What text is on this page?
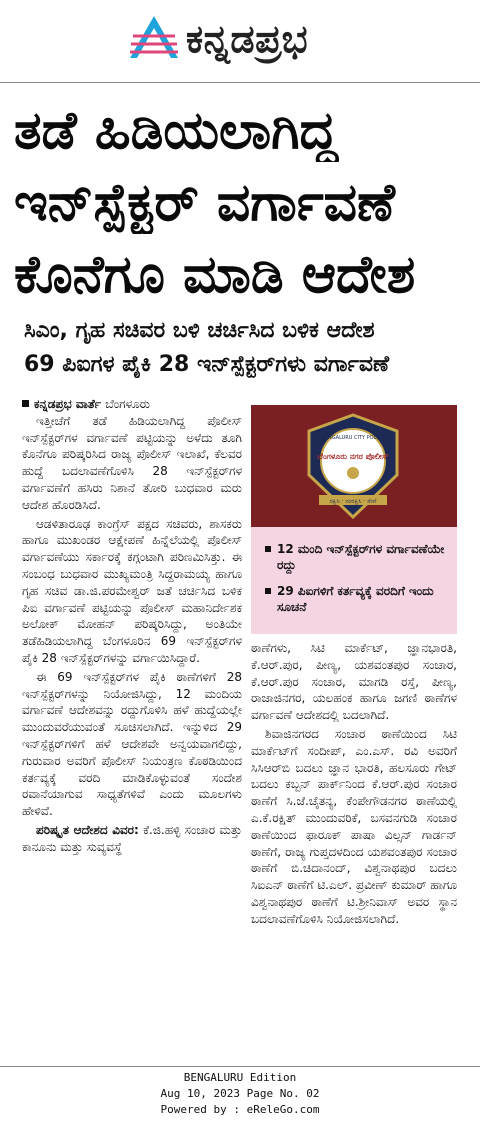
ಕನ್ನಡಪ್ರಭ
ತಡೆ ಹಿಡಿಯಲಾಗಿದ್ದ
ಇನ್‌ಸ್ಪೆಕ್ಟರ್‌ ವರ್ಗಾವಣೆ
ಕೊನೆಗೂ ಮಾಡಿ ಆದೇಶ
ಸಿಎಂ, ಗೃಹ ಸಚಿವರ ಬಳಿ ಚರ್ಚಿಸಿದ ಬಳಿಕ ಆದೇಶ
69 ಪಿಐಗಳ ಪೈಕಿ 28 ಇನ್‌ಸ್ಪೆಕ್ಟರ್‌ಗಳು ವರ್ಗಾವಣೆ

ಕನ್ನಡಪ್ರಭ ವಾರ್ತೆ ಬೆಂಗಳೂರು

ಇತ್ತೀಚೆಗೆ ತಡೆ ಹಿಡಿಯಲಾಗಿದ್ದ ಪೊಲೀಸ್ ಇನ್‌ಸ್ಪೆಕ್ಟರ್‌ಗಳ ವರ್ಗಾವಣೆ ಪಟ್ಟಿಯನ್ನು ಅಳೆದು ತೂಗಿ ಕೊನೆಗೂ ಪರಿಷ್ಕರಿಸಿದ ರಾಜ್ಯ ಪೊಲೀಸ್ ಇಲಾಖೆ, ಕೆಲವರ ಹುದ್ದೆ ಬದಲಾವಣೆಗೊಳಿಸಿ 28 ಇನ್‌ಸ್ಪೆಕ್ಟರ್‌ಗಳ ವರ್ಗಾವಣೆಗೆ ಹಸಿರು ನಿಶಾನೆ ತೋರಿ ಬುಧವಾರ ಮರು ಆದೇಶ ಹೊರಡಿಸಿದೆ.

ಆಡಳಿತಾರೂಢ ಕಾಂಗ್ರೆಸ್ ಪಕ್ಷದ ಸಚಿವರು, ಶಾಸಕರು ಹಾಗೂ ಮುಖಂಡರ ಆಕ್ಷೇಪಣೆ ಹಿನ್ನೆಲೆಯಲ್ಲಿ ಪೊಲೀಸ್ ವರ್ಗಾವಣೆಯು ಸರ್ಕಾರಕ್ಕೆ ಕಗ್ಗಂಟಾಗಿ ಪರಿಣಮಿಸಿತ್ತು. ಈ ಸಂಬಂಧ ಬುಧವಾರ ಮುಖ್ಯಮಂತ್ರಿ ಸಿದ್ದರಾಮಯ್ಯ ಹಾಗೂ ಗೃಹ ಸಚಿವ ಡಾ.ಜಿ.ಪರಮೇಶ್ವರ್ ಜತೆ ಚರ್ಚಿಸಿದ ಬಳಿಕ ಪಿಐ ವರ್ಗಾವಣೆ ಪಟ್ಟಿಯನ್ನು ಪೊಲೀಸ್ ಮಹಾನಿರ್ದೇಶಕ ಅಲೋಕ್ ಮೋಹನ್ ಪರಿಷ್ಕರಿಸಿದ್ದು, ಅಂತಿಯೇ ತಡೆಹಿಡಿಯಲಾಗಿದ್ದ ಬೆಂಗಳೂರಿನ 69 ಇನ್‌ಸ್ಪೆಕ್ಟರ್‌ಗಳ ಪೈಕಿ 28 ಇನ್‌ಸ್ಪೆಕ್ಟರ್‌ಗಳನ್ನು ವರ್ಗಾಯಿಸಿದ್ದಾರೆ.

ಈ 69 ಇನ್‌ಸ್ಪೆಕ್ಟರ್‌ಗಳ ಪೈಕಿ ಠಾಣೆಗಳಿಗೆ 28 ಇನ್‌ಸ್ಪೆಕ್ಟರ್‌ಗಳನ್ನು ನಿಯೋಜಿಸಿದ್ದು, 12 ಮಂದಿಯ ವರ್ಗಾವಣೆ ಆದೇಶವನ್ನು ರದ್ದುಗೊಳಿಸಿ ಹಳೆ ಹುದ್ದೆಯಲ್ಲೇ ಮುಂದುವರೆಯುವಂತೆ ಸೂಚಿಸಲಾಗಿದೆ. ಇನ್ನುಳಿದ 29 ಇನ್‌ಸ್ಪೆಕ್ಟರ್‌ಗಳಿಗೆ ಹಳೆ ಆದೇಶವೇ ಅನ್ವಯವಾಗಲಿದ್ದು, ಗುರುವಾರ ಅವರಿಗೆ ಪೊಲೀಸ್ ನಿಯಂತ್ರಣ ಕೊಠಡಿಯಿಂದ ಕರ್ತವ್ಯಕ್ಕೆ ವರದಿ ಮಾಡಿಕೊಳ್ಳುವಂತೆ ಸಂದೇಶ ರವಾನೆಯಾಗುವ ಸಾಧ್ಯತೆಗಳಿವೆ ಎಂದು ಮೂಲಗಳು ಹೇಳಿವೆ.

ಪರಿಷ್ಕೃತ ಆದೇಶದ ವಿವರ: ಕೆ.ಜಿ.ಹಳ್ಳಿ ಸಂಚಾರ ಮತ್ತು ಕಾನೂನು ಮತ್ತು ಸುವ್ಯವಸ್ಥೆ

BENGALURU CITY POLICE
ಬೆಂಗಳೂರು ನಗರ ಪೊಲೀಸ್
ರಕ್ಷಿಸಿ · ಸಂರಕ್ಷಿಸಿ · ಸೇವೆ
12 ಮಂದಿ ಇನ್‌ಸ್ಪೆಕ್ಟರ್‌ಗಳ ವರ್ಗಾವಣೆಯೇ ರದ್ದು
29 ಪಿಐಗಳಿಗೆ ಕರ್ತವ್ಯಕ್ಕೆ ವರದಿಗೆ ಇಂದು ಸೂಚನೆ

ಠಾಣೆಗಳು, ಸಿಟಿ ಮಾರ್ಕೆಟ್, ಜ್ಞಾನಭಾರತಿ, ಕೆ.ಆರ್.ಪುರ, ಪೀಣ್ಯ, ಯಶವಂತಪುರ ಸಂಚಾರ, ಕೆ.ಆರ್.ಪುರ ಸಂಚಾರ, ಮಾಗಡಿ ರಸ್ತೆ, ಪೀಣ್ಯ, ರಾಜಾಜಿನಗರ, ಯಲಹಂಕ ಹಾಗೂ ಜಗಣಿ ಠಾಣೆಗಳ ವರ್ಗಾವಣೆ ಆದೇಶದಲ್ಲಿ ಬದಲಾಗಿದೆ.

ಶಿವಾಜಿನಗರದ ಸಂಚಾರ ಠಾಣೆಯಿಂದ ಸಿಟಿ ಮಾರ್ಕೆಟ್‌ಗೆ ಸಂದೀಪ್, ಎಂ.ಎಸ್. ರವಿ ಅವರಿಗೆ ಸಿಸಿಆರ್‌ಬಿ ಬದಲು ಜ್ಞಾನ ಭಾರತಿ, ಹಲಸೂರು ಗೇಟ್ ಬದಲು ಕಬ್ಬನ್ ಪಾರ್ಕ್‌ನಿಂದ ಕೆ.ಆರ್.ಪುರ ಸಂಚಾರ ಠಾಣೆಗೆ ಸಿ.ಜೆ.ಚೈತನ್ಯ, ಕೆಂಪೇಗೌಡನಗರ ಠಾಣೆಯಲ್ಲಿ ಎ.ಕೆ.ರಕ್ಷಿತ್ ಮುಂದುವರಿಕೆ, ಬಸವನಗುಡಿ ಸಂಚಾರ ಠಾಣೆಯಿಂದ ಫಾರೂಕ್ ಪಾಷಾ ವಿಲ್ಸನ್ ಗಾರ್ಡನ್ ಠಾಣೆಗೆ, ರಾಜ್ಯ ಗುಪ್ತದಳದಿಂದ ಯಶವಂತಪುರ ಸಂಚಾರ ಠಾಣೆಗೆ ಬಿ.ಚಿದಾನಂದ್, ವಿಶ್ವನಾಥಪುರ ಬದಲು ಸಿಐಎನ್ ಠಾಣೆಗೆ ಟಿ.ಎಲ್. ಪ್ರವೀಣ್ ಕುಮಾರ್ ಹಾಗೂ ವಿಶ್ವನಾಥಪುರ ಠಾಣೆಗೆ ಟಿ.ಶ್ರೀನಿವಾಸ್ ಅವರ ಸ್ಥಾನ ಬದಲಾವಣೆಗೊಳಿಸಿ ನಿಯೋಜಿಸಲಾಗಿದೆ.

BENGALURU Edition
Aug 10, 2023 Page No. 02
Powered by : eReleGo.com
